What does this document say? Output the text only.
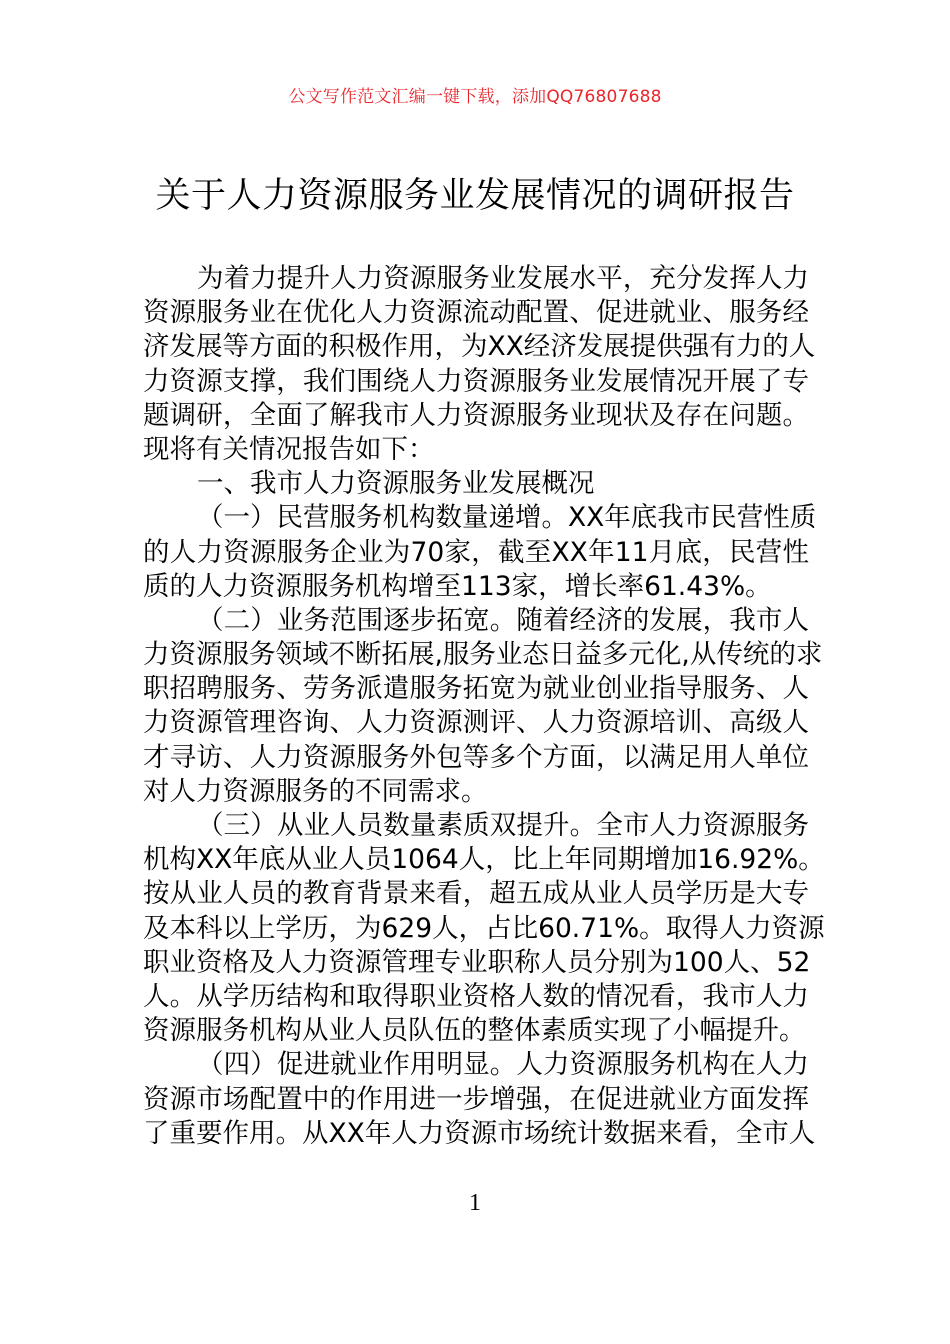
公文写作范文汇编一键下载，添加QQ76807688
关于人力资源服务业发展情况的调研报告
为着力提升人力资源服务业发展水平，充分发挥人力
资源服务业在优化人力资源流动配置、促进就业、服务经
济发展等方面的积极作用，为XX经济发展提供强有力的人
力资源支撑，我们围绕人力资源服务业发展情况开展了专
题调研，全面了解我市人力资源服务业现状及存在问题。
现将有关情况报告如下：
一、我市人力资源服务业发展概况
（一）民营服务机构数量递增。XX年底我市民营性质
的人力资源服务企业为70家，截至XX年11月底，民营性
质的人力资源服务机构增至113家，增长率61.43%。
（二）业务范围逐步拓宽。随着经济的发展，我市人
力资源服务领域不断拓展,服务业态日益多元化,从传统的求
职招聘服务、劳务派遣服务拓宽为就业创业指导服务、人
力资源管理咨询、人力资源测评、人力资源培训、高级人
才寻访、人力资源服务外包等多个方面，以满足用人单位
对人力资源服务的不同需求。
（三）从业人员数量素质双提升。全市人力资源服务
机构XX年底从业人员1064人，比上年同期增加16.92%。
按从业人员的教育背景来看，超五成从业人员学历是大专
及本科以上学历，为629人，占比60.71%。取得人力资源
职业资格及人力资源管理专业职称人员分别为100人、52
人。从学历结构和取得职业资格人数的情况看，我市人力
资源服务机构从业人员队伍的整体素质实现了小幅提升。
（四）促进就业作用明显。人力资源服务机构在人力
资源市场配置中的作用进一步增强，在促进就业方面发挥
了重要作用。从XX年人力资源市场统计数据来看，全市人
1
